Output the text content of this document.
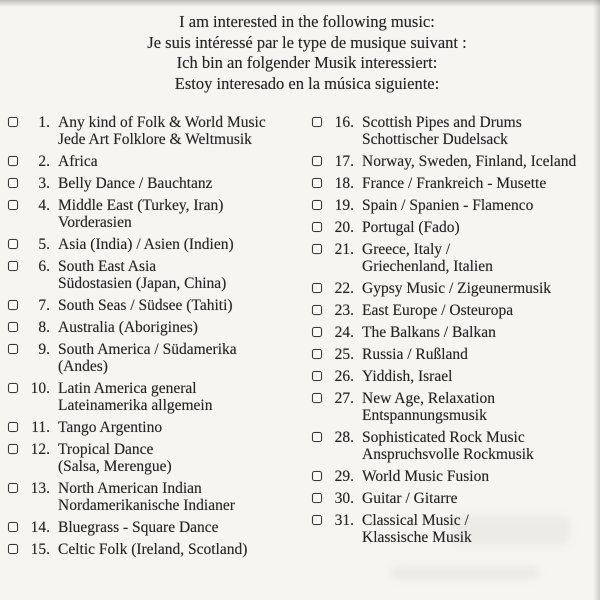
I am interested in the following music:
Je suis intéressé par le type de musique suivant :
Ich bin an folgender Musik interessiert:
Estoy interesado en la música siguiente:
1. Any kind of Folk & World Music
Jede Art Folklore & Weltmusik
2. Africa
3. Belly Dance / Bauchtanz
4. Middle East (Turkey, Iran)
Vorderasien
5. Asia (India) / Asien (Indien)
6. South East Asia
Südostasien (Japan, China)
7. South Seas / Südsee (Tahiti)
8. Australia (Aborigines)
9. South America / Südamerika
(Andes)
10. Latin America general
Lateinamerika allgemein
11. Tango Argentino
12. Tropical Dance
(Salsa, Merengue)
13. North American Indian
Nordamerikanische Indianer
14. Bluegrass - Square Dance
15. Celtic Folk (Ireland, Scotland)
16. Scottish Pipes and Drums
Schottischer Dudelsack
17. Norway, Sweden, Finland, Iceland
18. France / Frankreich - Musette
19. Spain / Spanien - Flamenco
20. Portugal (Fado)
21. Greece, Italy /
Griechenland, Italien
22. Gypsy Music / Zigeunermusik
23. East Europe / Osteuropa
24. The Balkans / Balkan
25. Russia / Rußland
26. Yiddish, Israel
27. New Age, Relaxation
Entspannungsmusik
28. Sophisticated Rock Music
Anspruchsvolle Rockmusik
29. World Music Fusion
30. Guitar / Gitarre
31. Classical Music /
Klassische Musik
